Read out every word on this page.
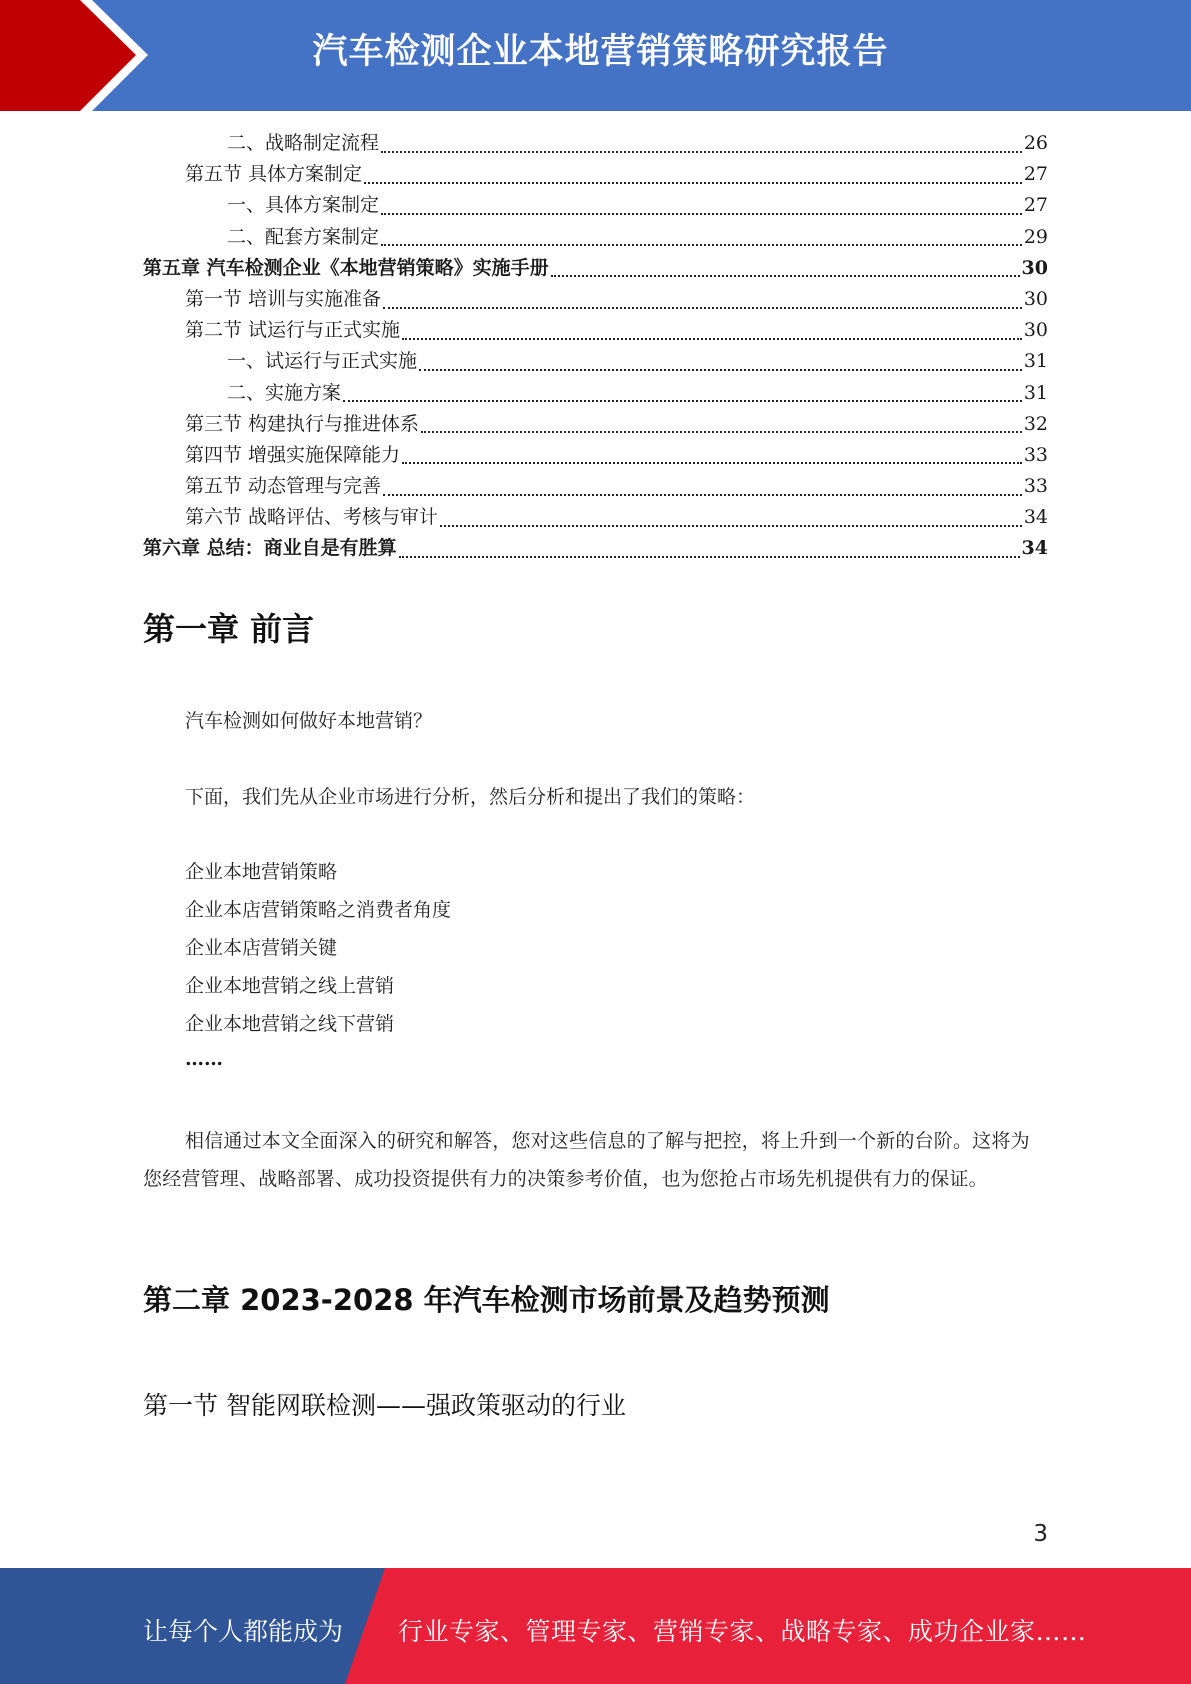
汽车检测企业本地营销策略研究报告
二、战略制定流程	26
第五节 具体方案制定	27
一、具体方案制定	27
二、配套方案制定	29
第五章 汽车检测企业《本地营销策略》实施手册	30
第一节 培训与实施准备	30
第二节 试运行与正式实施	30
一、试运行与正式实施	31
二、实施方案	31
第三节 构建执行与推进体系	32
第四节 增强实施保障能力	33
第五节 动态管理与完善	33
第六节 战略评估、考核与审计	34
第六章 总结：商业自是有胜算	34
第一章 前言
汽车检测如何做好本地营销？
下面，我们先从企业市场进行分析，然后分析和提出了我们的策略：
企业本地营销策略
企业本店营销策略之消费者角度
企业本店营销关键
企业本地营销之线上营销
企业本地营销之线下营销
……
相信通过本文全面深入的研究和解答，您对这些信息的了解与把控，将上升到一个新的台阶。这将为您经营管理、战略部署、成功投资提供有力的决策参考价值，也为您抢占市场先机提供有力的保证。
第二章 2023-2028 年汽车检测市场前景及趋势预测
第一节 智能网联检测——强政策驱动的行业
3
让每个人都能成为 行业专家、管理专家、营销专家、战略专家、成功企业家……
